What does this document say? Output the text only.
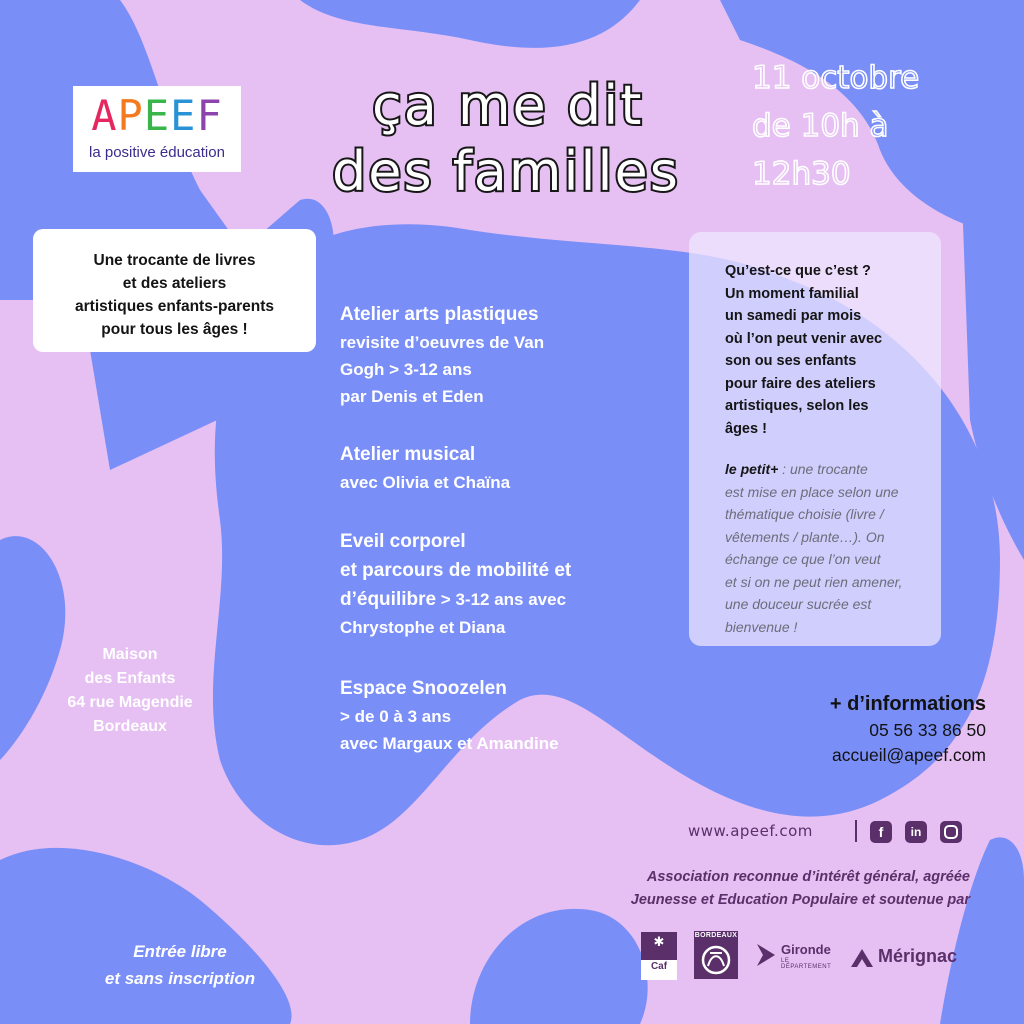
APEEF
la positive éducation
ça me dit
des familles
11 octobre
de 10h à
12h30
Une trocante de livres
et des ateliers
artistiques enfants-parents
pour tous les âges !
Atelier arts plastiques
revisite d’oeuvres de Van
Gogh > 3-12 ans
par Denis et Eden
Atelier musical
avec Olivia et Chaïna
Eveil corporel
et parcours de mobilité et
d’équilibre > 3-12 ans avec
Chrystophe et Diana
Espace Snoozelen
> de 0 à 3 ans
avec Margaux et Amandine
Qu’est-ce que c’est ?
Un moment familial
un samedi par mois
où l’on peut venir avec
son ou ses enfants
pour faire des ateliers
artistiques, selon les
âges !
le petit+ : une trocante
est mise en place selon une
thématique choisie (livre /
vêtements / plante…). On
échange ce que l’on veut
et si on ne peut rien amener,
une douceur sucrée est
bienvenue !
+ d’informations
05 56 33 86 50
accueil@apeef.com
Maison
des Enfants
64 rue Magendie
Bordeaux
www.apeef.com	f	in
Association reconnue d’intérêt général, agréée
Jeunesse et Education Populaire et soutenue par
Entrée libre
et sans inscription
✱
Caf
BORDEAUX
Gironde
LE DÉPARTEMENT
Mérignac
